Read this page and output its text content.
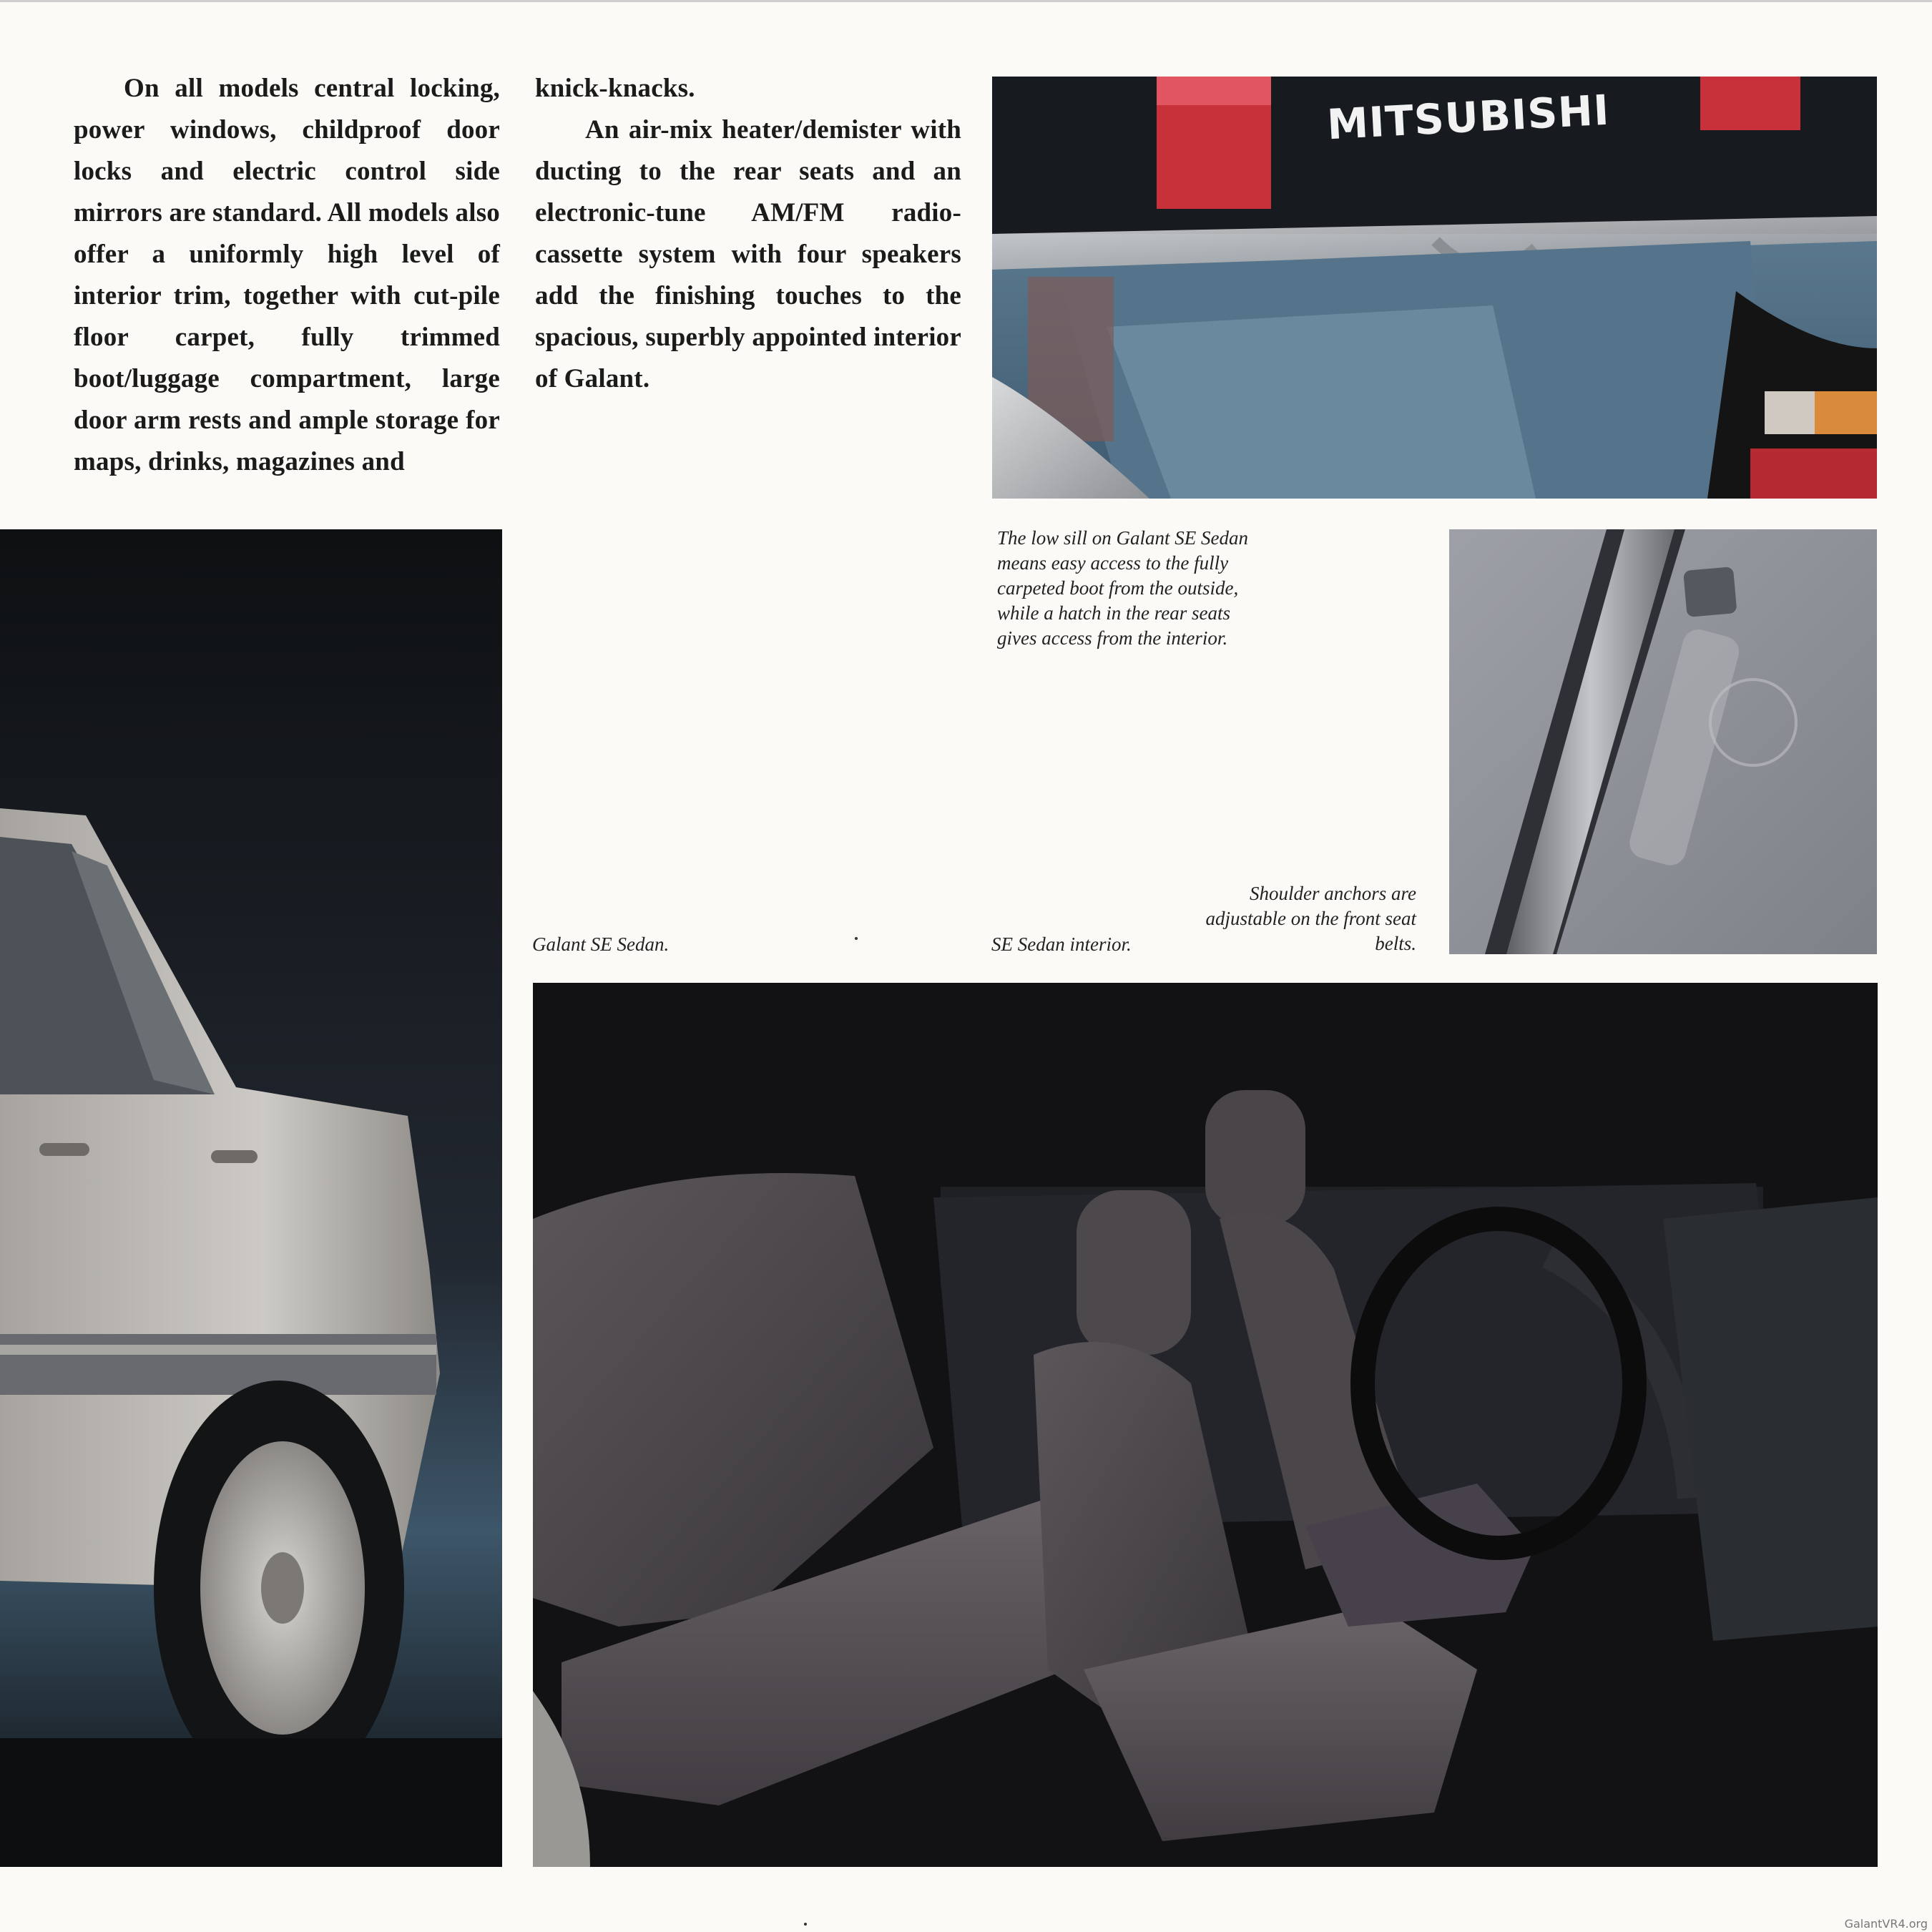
On all models central locking, power windows, childproof door locks and electric control side mirrors are standard. All models also offer a uniformly high level of interior trim, together with cut-pile floor carpet, fully trimmed boot/luggage compartment, large door arm rests and ample storage for maps, drinks, magazines and

knick-knacks.

An air-mix heater/demister with ducting to the rear seats and an electronic-tune AM/FM radio-cassette system with four speakers add the finishing touches to the spacious, superbly appointed interior of Galant.

MITSUBISHI
The low sill on Galant SE Sedan means easy access to the fully carpeted boot from the outside, while a hatch in the rear seats gives access from the interior.
Shoulder anchors are adjustable on the front seat belts.
Galant SE Sedan.	SE Sedan interior.
GalantVR4.org
